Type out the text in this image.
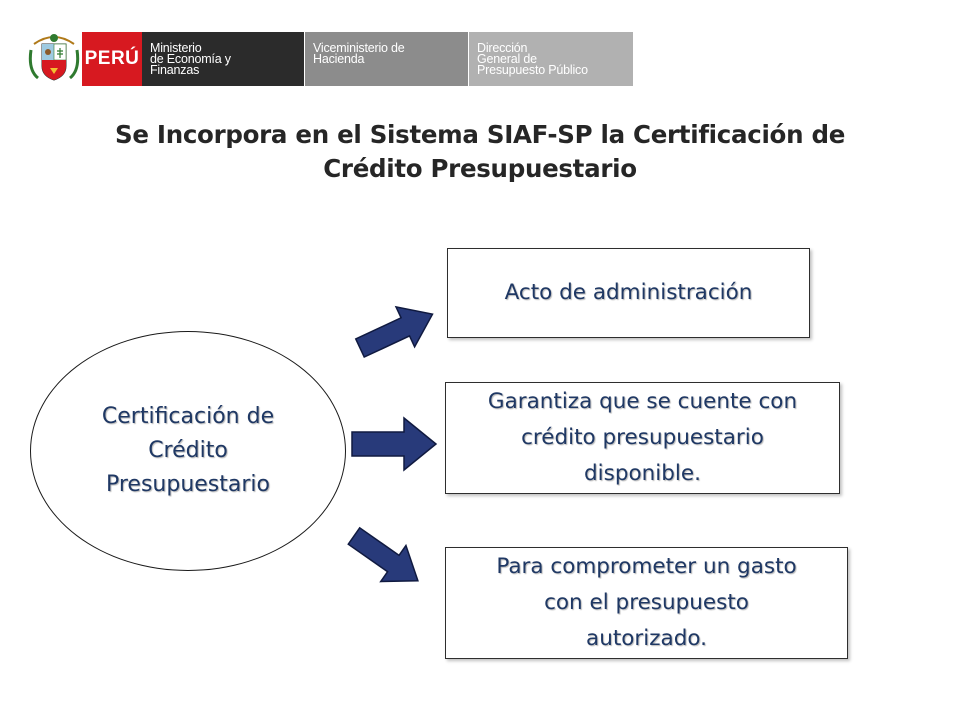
PERÚ Ministerio
de Economía y
Finanzas
Viceministerio de
Hacienda
Dirección
General de
Presupuesto Público
Se Incorpora en el Sistema SIAF-SP la Certificación de
Crédito Presupuestario
Certificación de
Crédito
Presupuestario
Acto de administración
Garantiza que se cuente con
crédito presupuestario
disponible.
Para comprometer un gasto
con el presupuesto
autorizado.
